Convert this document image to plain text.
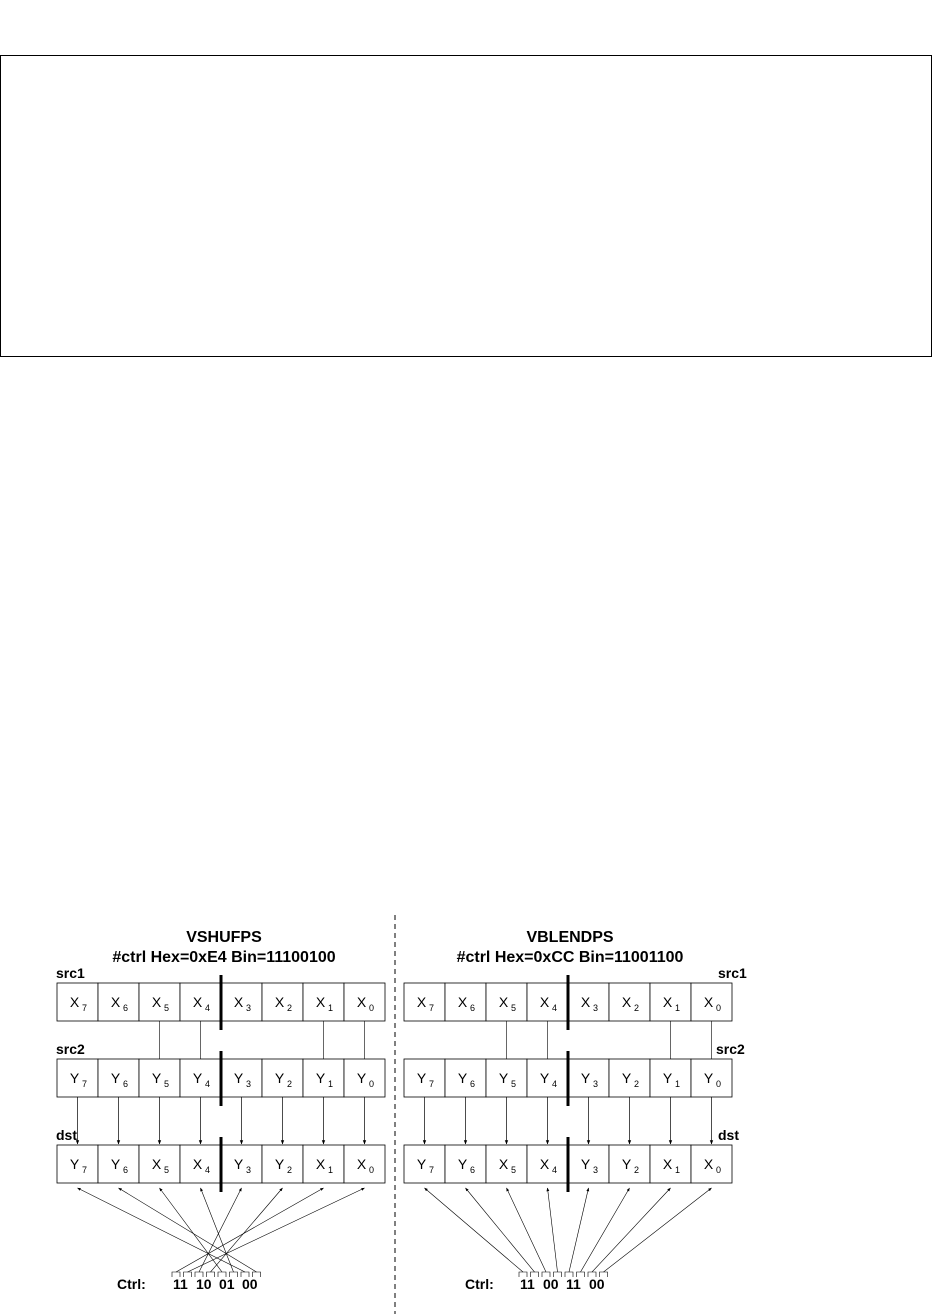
VSHUFPS
#ctrl Hex=0xE4 Bin=11100100
src1
src2
dst
Ctrl: 11 10 01 00
VBLENDPS
#ctrl Hex=0xCC Bin=11001100
src1
src2
dst
Ctrl: 11 00 11 00
X 7 X 6 X 5 X 4 X 3 X 2 X 1 X 0
Y 7 Y 6 Y 5 Y 4 Y 3 Y 2 Y 1 Y 0
Y 7 Y 6 X 5 X 4 Y 3 Y 2 X 1 X 0
X 7 X 6 X 5 X 4 X 3 X 2 X 1 X 0
Y 7 Y 6 Y 5 Y 4 Y 3 Y 2 Y 1 Y 0
Y 7 Y 6 X 5 X 4 Y 3 Y 2 X 1 X 0
